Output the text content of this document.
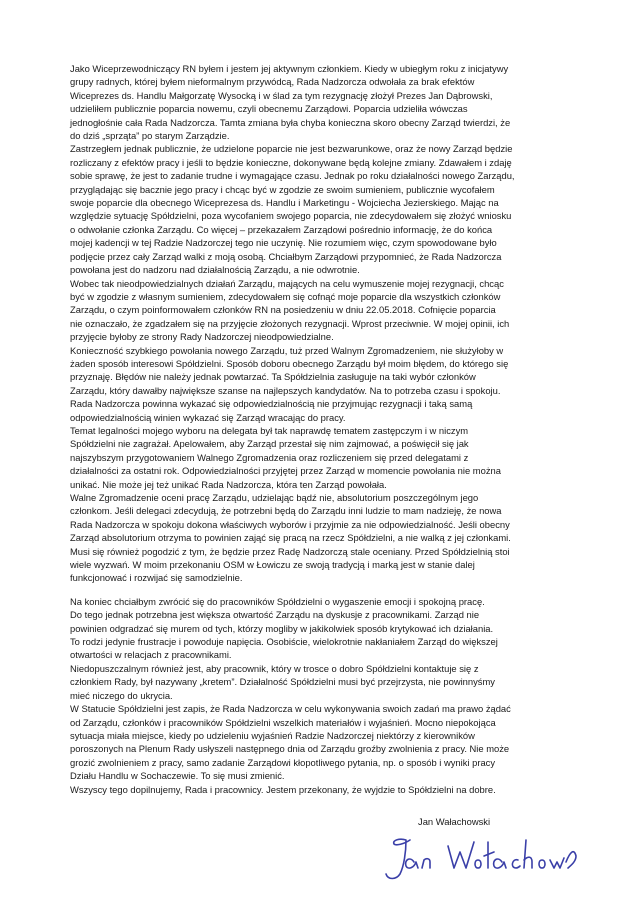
Jako Wiceprzewodniczący RN byłem i jestem jej aktywnym członkiem. Kiedy w ubiegłym roku z inicjatywy
grupy radnych, której byłem nieformalnym przywódcą, Rada Nadzorcza odwołała za brak efektów
Wiceprezes ds. Handlu Małgorzatę Wysocką i w ślad za tym rezygnację złożył Prezes Jan Dąbrowski,
udzieliłem publicznie poparcia nowemu, czyli obecnemu Zarządowi. Poparcia udzieliła wówczas
jednogłośnie cała Rada Nadzorcza. Tamta zmiana była chyba konieczna skoro obecny Zarząd twierdzi, że
do dziś „sprząta” po starym Zarządzie.

Zastrzegłem jednak publicznie, że udzielone poparcie nie jest bezwarunkowe, oraz że nowy Zarząd będzie
rozliczany z efektów pracy i jeśli to będzie konieczne, dokonywane będą kolejne zmiany. Zdawałem i zdaję
sobie sprawę, że jest to zadanie trudne i wymagające czasu. Jednak po roku działalności nowego Zarządu,
przyglądając się bacznie jego pracy i chcąc być w zgodzie ze swoim sumieniem, publicznie wycofałem
swoje poparcie dla obecnego Wiceprezesa ds. Handlu i Marketingu - Wojciecha Jezierskiego. Mając na
względzie sytuację Spółdzielni, poza wycofaniem swojego poparcia, nie zdecydowałem się złożyć wniosku
o odwołanie członka Zarządu. Co więcej – przekazałem Zarządowi pośrednio informację, że do końca
mojej kadencji w tej Radzie Nadzorczej tego nie uczynię. Nie rozumiem więc, czym spowodowane było
podjęcie przez cały Zarząd walki z moją osobą. Chciałbym Zarządowi przypomnieć, że Rada Nadzorcza
powołana jest do nadzoru nad działalnością Zarządu, a nie odwrotnie.

Wobec tak nieodpowiedzialnych działań Zarządu, mających na celu wymuszenie mojej rezygnacji, chcąc
być w zgodzie z własnym sumieniem, zdecydowałem się cofnąć moje poparcie dla wszystkich członków
Zarządu, o czym poinformowałem członków RN na posiedzeniu w dniu 22.05.2018. Cofnięcie poparcia
nie oznaczało, że zgadzałem się na przyjęcie złożonych rezygnacji. Wprost przeciwnie. W mojej opinii, ich
przyjęcie byłoby ze strony Rady Nadzorczej nieodpowiedzialne.

Konieczność szybkiego powołania nowego Zarządu, tuż przed Walnym Zgromadzeniem, nie służyłoby w
żaden sposób interesowi Spółdzielni. Sposób doboru obecnego Zarządu był moim błędem, do którego się
przyznaję. Błędów nie należy jednak powtarzać. Ta Spółdzielnia zasługuje na taki wybór członków
Zarządu, który dawałby największe szanse na najlepszych kandydatów. Na to potrzeba czasu i spokoju.
Rada Nadzorcza powinna wykazać się odpowiedzialnością nie przyjmując rezygnacji i taką samą
odpowiedzialnością winien wykazać się Zarząd wracając do pracy.

Temat legalności mojego wyboru na delegata był tak naprawdę tematem zastępczym i w niczym
Spółdzielni nie zagrażał. Apelowałem, aby Zarząd przestał się nim zajmować, a poświęcił się jak
najszybszym przygotowaniem Walnego Zgromadzenia oraz rozliczeniem się przed delegatami z
działalności za ostatni rok. Odpowiedzialności przyjętej przez Zarząd w momencie powołania nie można
unikać. Nie może jej też unikać Rada Nadzorcza, która ten Zarząd powołała.

Walne Zgromadzenie oceni pracę Zarządu, udzielając bądź nie, absolutorium poszczególnym jego
członkom. Jeśli delegaci zdecydują, że potrzebni będą do Zarządu inni ludzie to mam nadzieję, że nowa
Rada Nadzorcza w spokoju dokona właściwych wyborów i przyjmie za nie odpowiedzialność. Jeśli obecny
Zarząd absolutorium otrzyma to powinien zająć się pracą na rzecz Spółdzielni, a nie walką z jej członkami.
Musi się również pogodzić z tym, że będzie przez Radę Nadzorczą stale oceniany. Przed Spółdzielnią stoi
wiele wyzwań. W moim przekonaniu OSM w Łowiczu ze swoją tradycją i marką jest w stanie dalej
funkcjonować i rozwijać się samodzielnie.

Na koniec chciałbym zwrócić się do pracowników Spółdzielni o wygaszenie emocji i spokojną pracę.
Do tego jednak potrzebna jest większa otwartość Zarządu na dyskusje z pracownikami. Zarząd nie
powinien odgradzać się murem od tych, którzy mogliby w jakikolwiek sposób krytykować ich działania.
To rodzi jedynie frustracje i powoduje napięcia. Osobiście, wielokrotnie nakłaniałem Zarząd do większej
otwartości w relacjach z pracownikami.

Niedopuszczalnym również jest, aby pracownik, który w trosce o dobro Spółdzielni kontaktuje się z
członkiem Rady, był nazywany „kretem”. Działalność Spółdzielni musi być przejrzysta, nie powinnyśmy
mieć niczego do ukrycia.

W Statucie Spółdzielni jest zapis, że Rada Nadzorcza w celu wykonywania swoich zadań ma prawo żądać
od Zarządu, członków i pracowników Spółdzielni wszelkich materiałów i wyjaśnień. Mocno niepokojąca
sytuacja miała miejsce, kiedy po udzieleniu wyjaśnień Radzie Nadzorczej niektórzy z kierowników
poroszonych na Plenum Rady usłyszeli następnego dnia od Zarządu groźby zwolnienia z pracy. Nie może
grozić zwolnieniem z pracy, samo zadanie Zarządowi kłopotliwego pytania, np. o sposób i wyniki pracy
Działu Handlu w Sochaczewie. To się musi zmienić.

Wszyscy tego dopilnujemy, Rada i pracownicy. Jestem przekonany, że wyjdzie to Spółdzielni na dobre.

Jan Wałachowski
